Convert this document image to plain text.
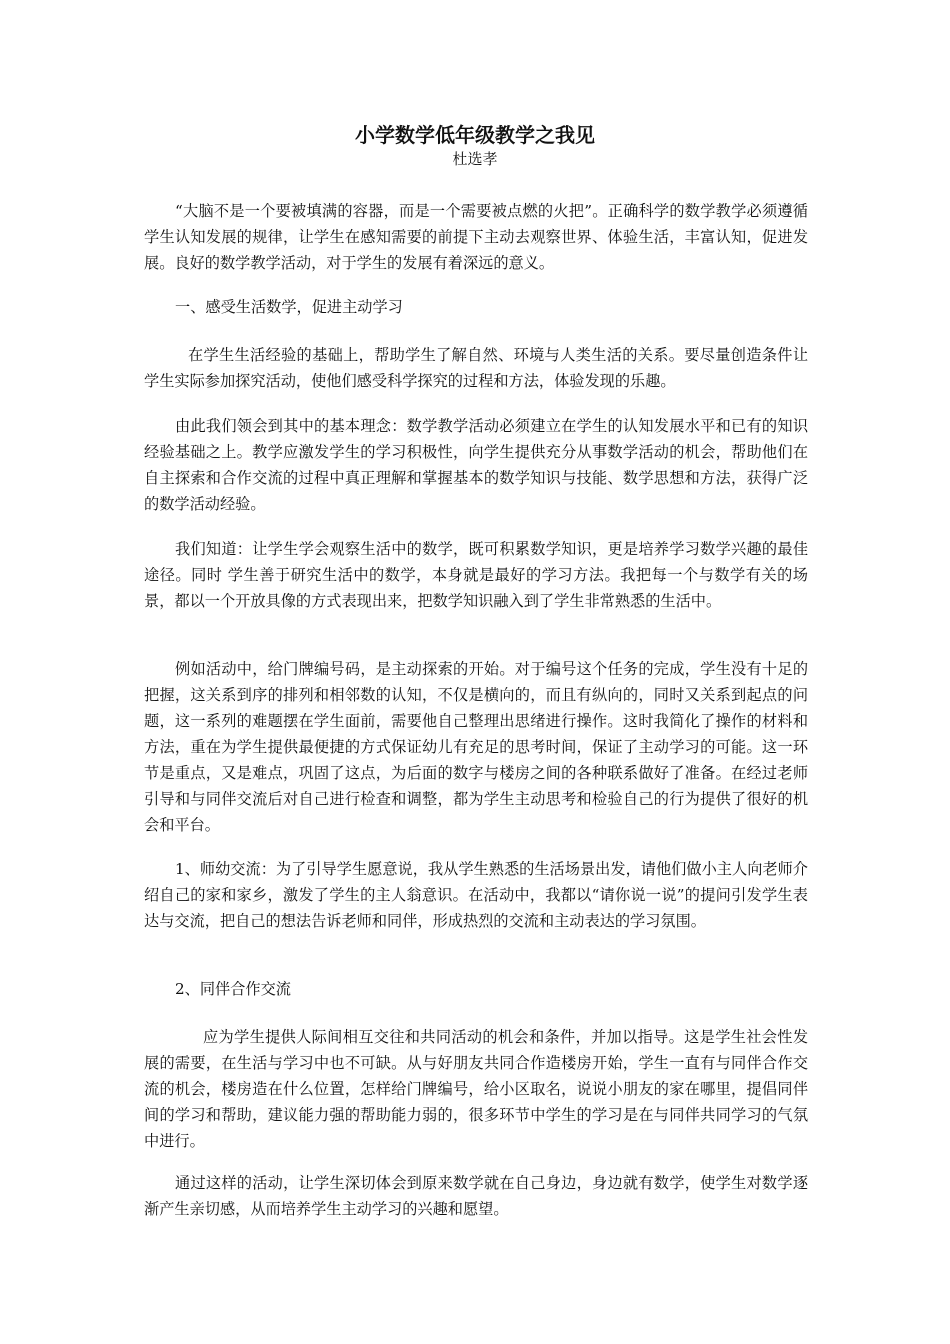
小学数学低年级教学之我见
杜选孝

“大脑不是一个要被填满的容器，而是一个需要被点燃的火把”。正确科学的数学教学必须遵循学生认知发展的规律，让学生在感知需要的前提下主动去观察世界、体验生活，丰富认知，促进发展。良好的数学教学活动，对于学生的发展有着深远的意义。

一、感受生活数学，促进主动学习

在学生生活经验的基础上，帮助学生了解自然、环境与人类生活的关系。要尽量创造条件让学生实际参加探究活动，使他们感受科学探究的过程和方法，体验发现的乐趣。

由此我们领会到其中的基本理念：数学教学活动必须建立在学生的认知发展水平和已有的知识经验基础之上。教学应激发学生的学习积极性，向学生提供充分从事数学活动的机会，帮助他们在自主探索和合作交流的过程中真正理解和掌握基本的数学知识与技能、数学思想和方法，获得广泛的数学活动经验。

我们知道：让学生学会观察生活中的数学，既可积累数学知识，更是培养学习数学兴趣的最佳途径。同时 学生善于研究生活中的数学，本身就是最好的学习方法。我把每一个与数学有关的场景，都以一个开放具像的方式表现出来，把数学知识融入到了学生非常熟悉的生活中。

例如活动中，给门牌编号码，是主动探索的开始。对于编号这个任务的完成，学生没有十足的把握，这关系到序的排列和相邻数的认知，不仅是横向的，而且有纵向的，同时又关系到起点的问题，这一系列的难题摆在学生面前，需要他自己整理出思绪进行操作。这时我简化了操作的材料和方法，重在为学生提供最便捷的方式保证幼儿有充足的思考时间，保证了主动学习的可能。这一环节是重点，又是难点，巩固了这点，为后面的数字与楼房之间的各种联系做好了准备。在经过老师引导和与同伴交流后对自己进行检查和调整，都为学生主动思考和检验自己的行为提供了很好的机会和平台。

1、师幼交流：为了引导学生愿意说，我从学生熟悉的生活场景出发，请他们做小主人向老师介绍自己的家和家乡，激发了学生的主人翁意识。在活动中，我都以“请你说一说”的提问引发学生表达与交流，把自己的想法告诉老师和同伴，形成热烈的交流和主动表达的学习氛围。

2、同伴合作交流

应为学生提供人际间相互交往和共同活动的机会和条件，并加以指导。这是学生社会性发展的需要，在生活与学习中也不可缺。从与好朋友共同合作造楼房开始，学生一直有与同伴合作交流的机会，楼房造在什么位置，怎样给门牌编号，给小区取名，说说小朋友的家在哪里，提倡同伴间的学习和帮助，建议能力强的帮助能力弱的，很多环节中学生的学习是在与同伴共同学习的气氛中进行。

通过这样的活动，让学生深切体会到原来数学就在自己身边，身边就有数学，使学生对数学逐渐产生亲切感，从而培养学生主动学习的兴趣和愿望。
